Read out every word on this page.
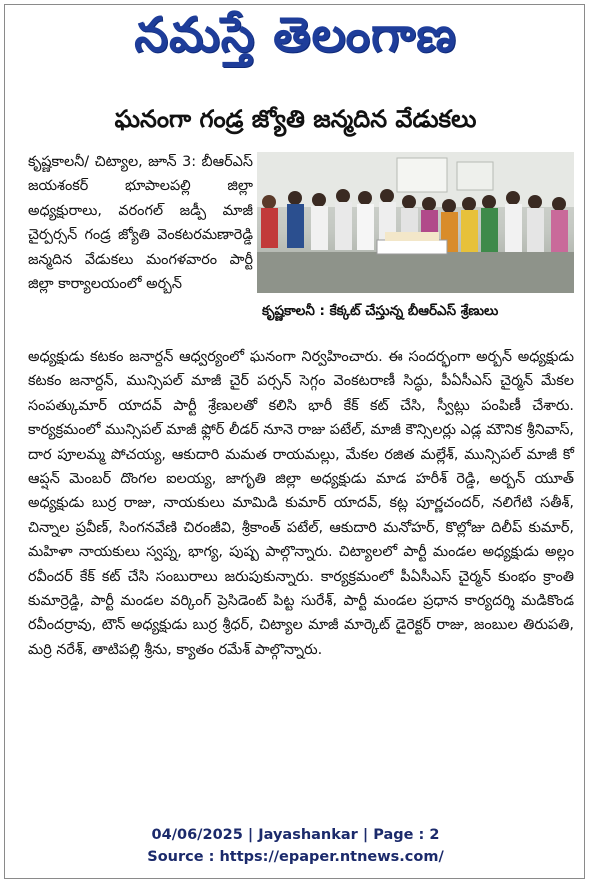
నమస్తే తెలంగాణ
ఘనంగా గండ్ర జ్యోతి జన్మదిన వేడుకలు
కృష్ణకాలనీ/ చిట్యాల, జూన్ 3: బీఆర్ఎస్ జయశంకర్ భూపాలపల్లి జిల్లా అధ్యక్షురాలు, వరంగల్ జడ్పీ మాజీ చైర్పర్సన్ గండ్ర జ్యోతి వెంకటరమణారెడ్డి జన్మదిన వేడుకలు మంగళవారం పార్టీ జిల్లా కార్యాలయంలో అర్బన్
కృష్ణకాలనీ : కేక్కట్ చేస్తున్న బీఆర్ఎస్ శ్రేణులు
అధ్యక్షుడు కటకం జనార్దన్ ఆధ్వర్యంలో ఘనంగా నిర్వహించారు. ఈ సందర్భంగా అర్బన్ అధ్యక్షుడు కటకం జనార్దన్, మున్సిపల్ మాజీ చైర్ పర్సన్ సెగ్గం వెంకటరాణీ సిద్ధు, పీఏసీఎస్ చైర్మన్ మేకల సంపత్కుమార్ యాదవ్ పార్టీ శ్రేణులతో కలిసి భారీ కేక్ కట్ చేసి, స్వీట్లు పంపిణీ చేశారు. కార్యక్రమంలో మున్సిపల్ మాజీ ఫ్లోర్ లీడర్ నూనె రాజు పటేల్, మాజీ కౌన్సిలర్లు ఎడ్ల మౌనిక శ్రీనివాస్, దార పూలమ్మ పోచయ్య, ఆకుదారి మమత రాయమల్లు, మేకల రజిత మల్లేశ్, మున్సిపల్ మాజీ కో ఆప్షన్ మెంబర్ దొంగల ఐలయ్య, జాగృతి జిల్లా అధ్యక్షుడు మాడ హరీశ్ రెడ్డి, అర్బన్ యూత్ అధ్యక్షుడు బుర్ర రాజు, నాయకులు మామిడి కుమార్ యాదవ్, కట్ల పూర్ణచందర్, నలిగేటి సతీశ్, చిన్నాల ప్రవీణ్, సింగనవేణి చిరంజీవి, శ్రీకాంత్ పటేల్, ఆకుదారి మనోహర్, కొల్లోజు దిలీప్ కుమార్, మహిళా నాయకులు స్వప్న, భాగ్య, పుష్ప పాల్గొన్నారు. చిట్యాలలో పార్టీ మండల అధ్యక్షుడు అల్లం రవీందర్ కేక్ కట్ చేసి సంబురాలు జరుపుకున్నారు. కార్యక్రమంలో పీఏసీఎస్ చైర్మన్ కుంభం క్రాంతి కుమార్రెడ్డి, పార్టీ మండల వర్కింగ్ ప్రెసిడెంట్ పిట్ట సురేశ్, పార్టీ మండల ప్రధాన కార్యదర్శి మడికొండ రవీందర్రావు, టౌన్ అధ్యక్షుడు బుర్ర శ్రీధర్, చిట్యాల మాజీ మార్కెట్ డైరెక్టర్ రాజు, జంబుల తిరుపతి, మర్రి నరేశ్, తాటిపల్లి శ్రీను, క్యాతం రమేశ్ పాల్గొన్నారు.
04/06/2025 | Jayashankar | Page : 2
Source : https://epaper.ntnews.com/
